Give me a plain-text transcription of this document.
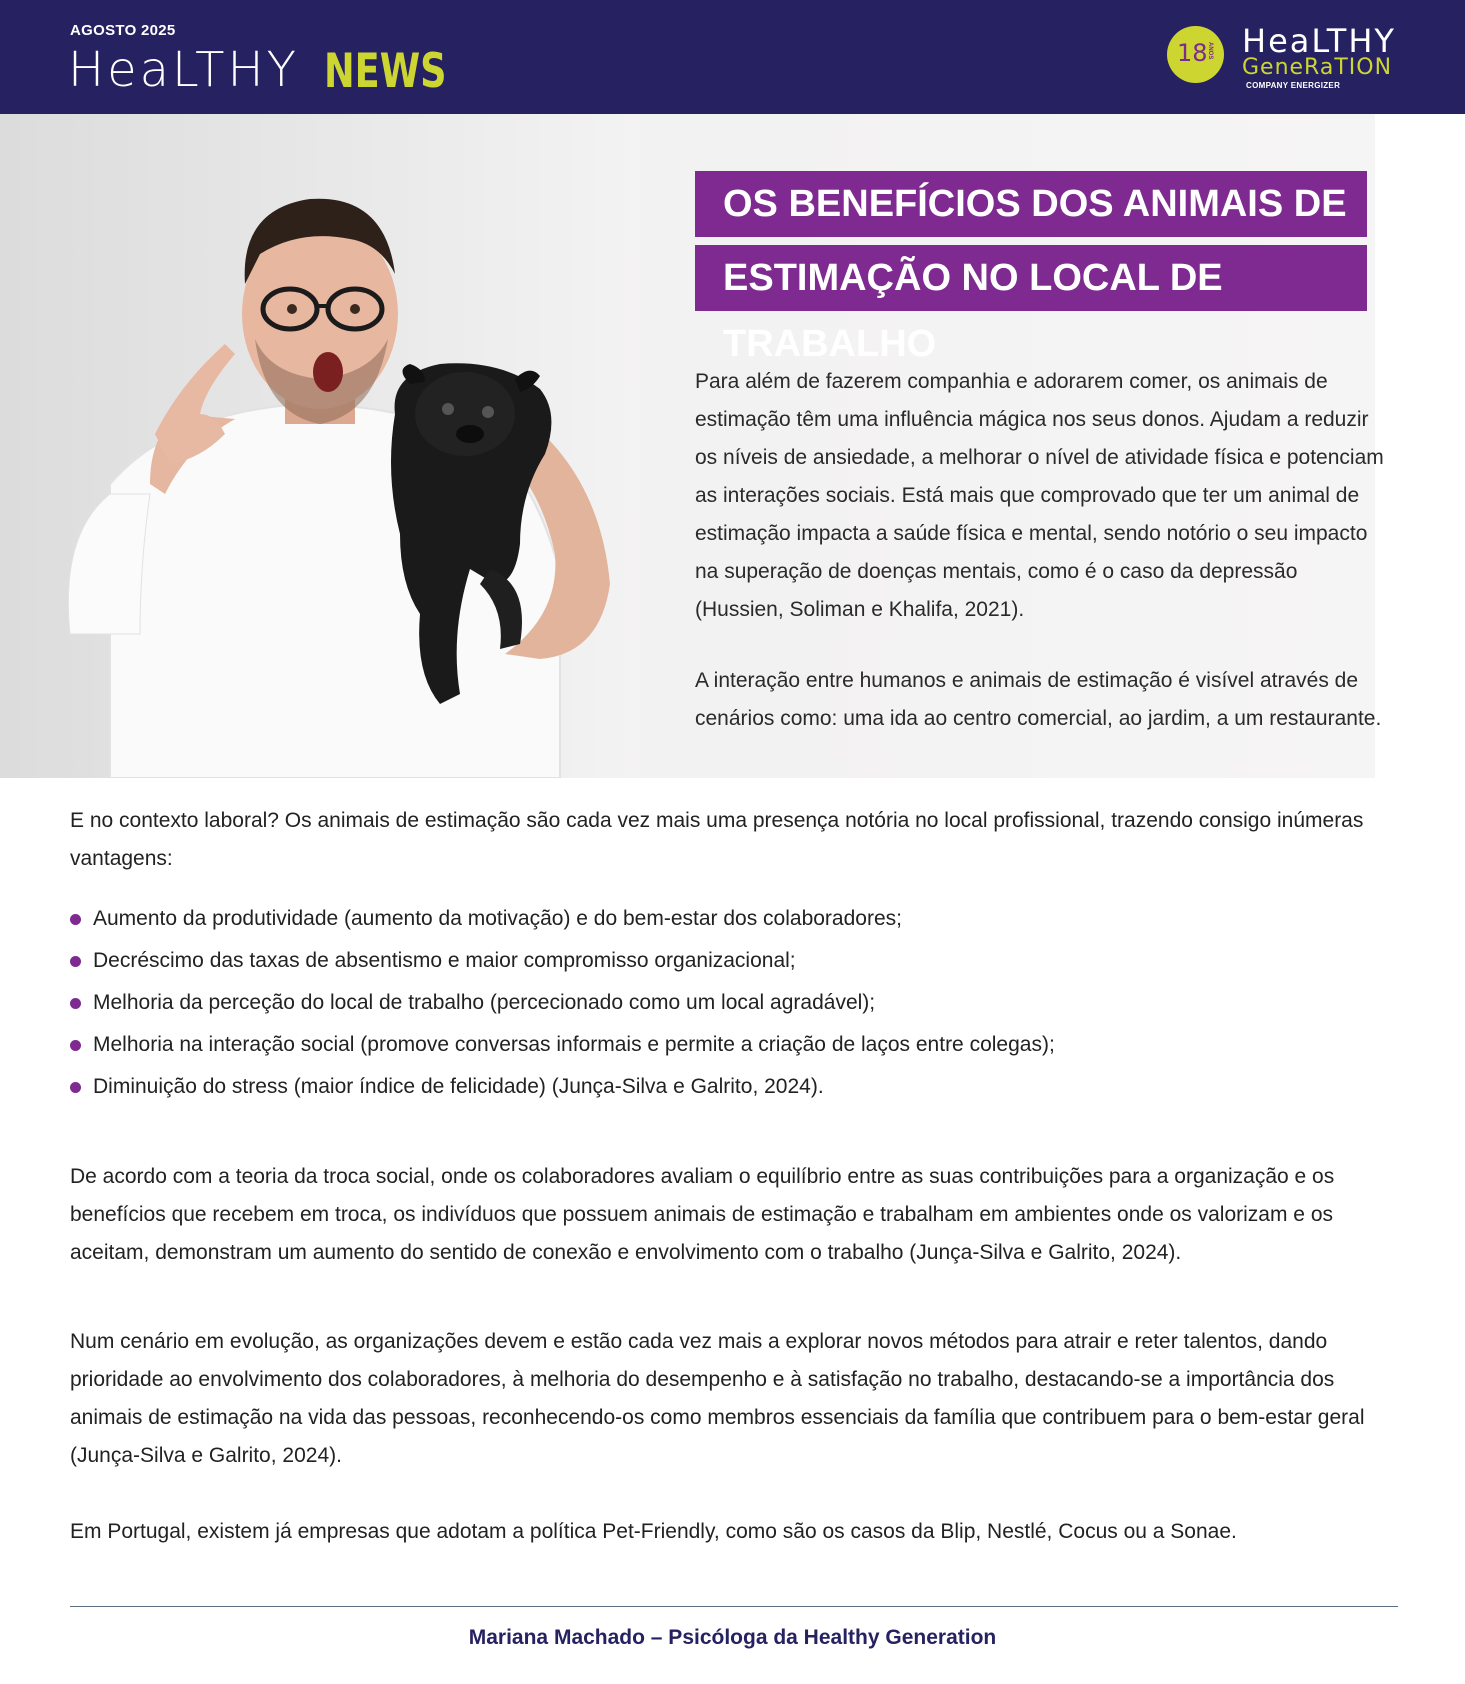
AGOSTO 2025
HeaLTHY NEWS	18 ANOS HeaLTHY
GeneRaTION
COMPANY ENERGIZER
OS BENEFÍCIOS DOS ANIMAIS DE
ESTIMAÇÃO NO LOCAL DE TRABALHO

Para além de fazerem companhia e adorarem comer, os animais de estimação têm uma influência mágica nos seus donos. Ajudam a reduzir os níveis de ansiedade, a melhorar o nível de atividade física e potenciam as interações sociais. Está mais que comprovado que ter um animal de estimação impacta a saúde física e mental, sendo notório o seu impacto na superação de doenças mentais, como é o caso da depressão (Hussien, Soliman e Khalifa, 2021).

A interação entre humanos e animais de estimação é visível através de cenários como: uma ida ao centro comercial, ao jardim, a um restaurante.

E no contexto laboral? Os animais de estimação são cada vez mais uma presença notória no local profissional, trazendo consigo inúmeras vantagens:

Aumento da produtividade (aumento da motivação) e do bem-estar dos colaboradores;
Decréscimo das taxas de absentismo e maior compromisso organizacional;
Melhoria da perceção do local de trabalho (percecionado como um local agradável);
Melhoria na interação social (promove conversas informais e permite a criação de laços entre colegas);
Diminuição do stress (maior índice de felicidade) (Junça-Silva e Galrito, 2024).

De acordo com a teoria da troca social, onde os colaboradores avaliam o equilíbrio entre as suas contribuições para a organização e os benefícios que recebem em troca, os indivíduos que possuem animais de estimação e trabalham em ambientes onde os valorizam e os aceitam, demonstram um aumento do sentido de conexão e envolvimento com o trabalho (Junça-Silva e Galrito, 2024).

Num cenário em evolução, as organizações devem e estão cada vez mais a explorar novos métodos para atrair e reter talentos, dando prioridade ao envolvimento dos colaboradores, à melhoria do desempenho e à satisfação no trabalho, destacando-se a importância dos animais de estimação na vida das pessoas, reconhecendo-os como membros essenciais da família que contribuem para o bem-estar geral (Junça-Silva e Galrito, 2024).

Em Portugal, existem já empresas que adotam a política Pet-Friendly, como são os casos da Blip, Nestlé, Cocus ou a Sonae.

Mariana Machado – Psicóloga da Healthy Generation
